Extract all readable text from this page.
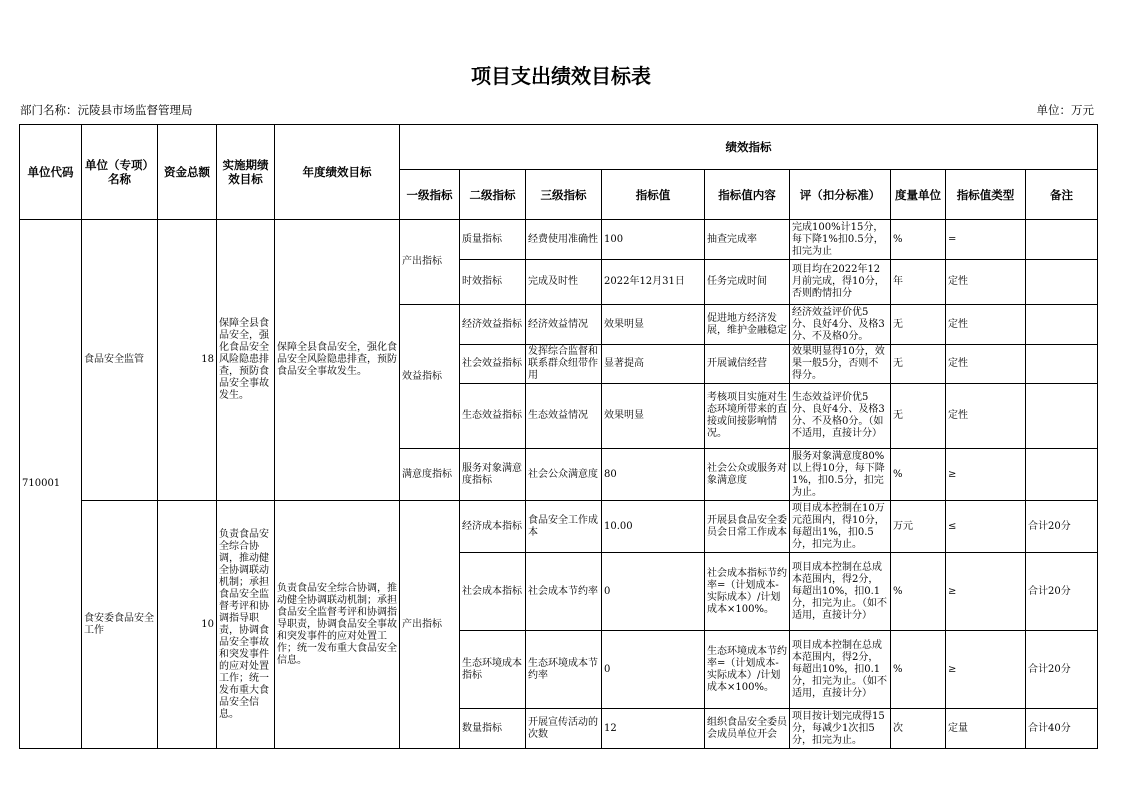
项目支出绩效目标表
部门名称：沅陵县市场监督管理局	单位：万元
单位代码	单位（专项）名称	资金总额	实施期绩效目标	年度绩效目标	绩效指标								
					一级指标	二级指标	三级指标	指标值	指标值内容	评（扣分标准）	度量单位	指标值类型	备注
710001	食品安全监管	18	保障全县食品安全，强化食品安全风险隐患排查，预防食品安全事故发生。	保障全县食品安全，强化食品安全风险隐患排查，预防食品安全事故发生。	产出指标	质量指标	经费使用准确性	100	抽查完成率	完成100%计15分，每下降1%扣0.5分，扣完为止	%	=	
						时效指标	完成及时性	2022年12月31日	任务完成时间	项目均在2022年12月前完成，得10分，否则酌情扣分	年	定性	
					效益指标	经济效益指标	经济效益情况	效果明显	促进地方经济发展，维护金融稳定	经济效益评价优5分、良好4分、及格3分、不及格0分。	无	定性	
						社会效益指标	发挥综合监督和联系群众纽带作用	显著提高	开展诚信经营	效果明显得10分，效果一般5分，否则不得分。	无	定性	
						生态效益指标	生态效益情况	效果明显	考核项目实施对生态环境所带来的直接或间接影响情况。	生态效益评价优5分、良好4分、及格3分、不及格0分。（如不适用，直接计分）	无	定性	
					满意度指标	服务对象满意度指标	社会公众满意度	80	社会公众或服务对象满意度	服务对象满意度80%以上得10分，每下降1%，扣0.5分，扣完为止。	%	≥	
	食安委食品安全工作	10	负责食品安全综合协调，推动健全协调联动机制；承担食品安全监督考评和协调指导职责，协调食品安全事故和突发事件的应对处置工作；统一发布重大食品安全信息。	负责食品安全综合协调，推动健全协调联动机制；承担食品安全监督考评和协调指导职责，协调食品安全事故和突发事件的应对处置工作；统一发布重大食品安全信息。	产出指标	经济成本指标	食品安全工作成本	10.00	开展县食品安全委员会日常工作成本	项目成本控制在10万元范围内，得10分，每超出1%，扣0.5分，扣完为止。	万元	≤	合计20分
						社会成本指标	社会成本节约率	0	社会成本指标节约率=（计划成本-实际成本）/计划成本×100%。	项目成本控制在总成本范围内，得2分，每超出10%，扣0.1分，扣完为止。（如不适用，直接计分）	%	≥	合计20分
						生态环境成本指标	生态环境成本节约率	0	生态环境成本节约率=（计划成本-实际成本）/计划成本×100%。	项目成本控制在总成本范围内，得2分，每超出10%，扣0.1分，扣完为止。（如不适用，直接计分）	%	≥	合计20分
						数量指标	开展宣传活动的次数	12	组织食品安全委员会成员单位开会	项目按计划完成得15分，每减少1次扣5分，扣完为止。	次	定量	合计40分
